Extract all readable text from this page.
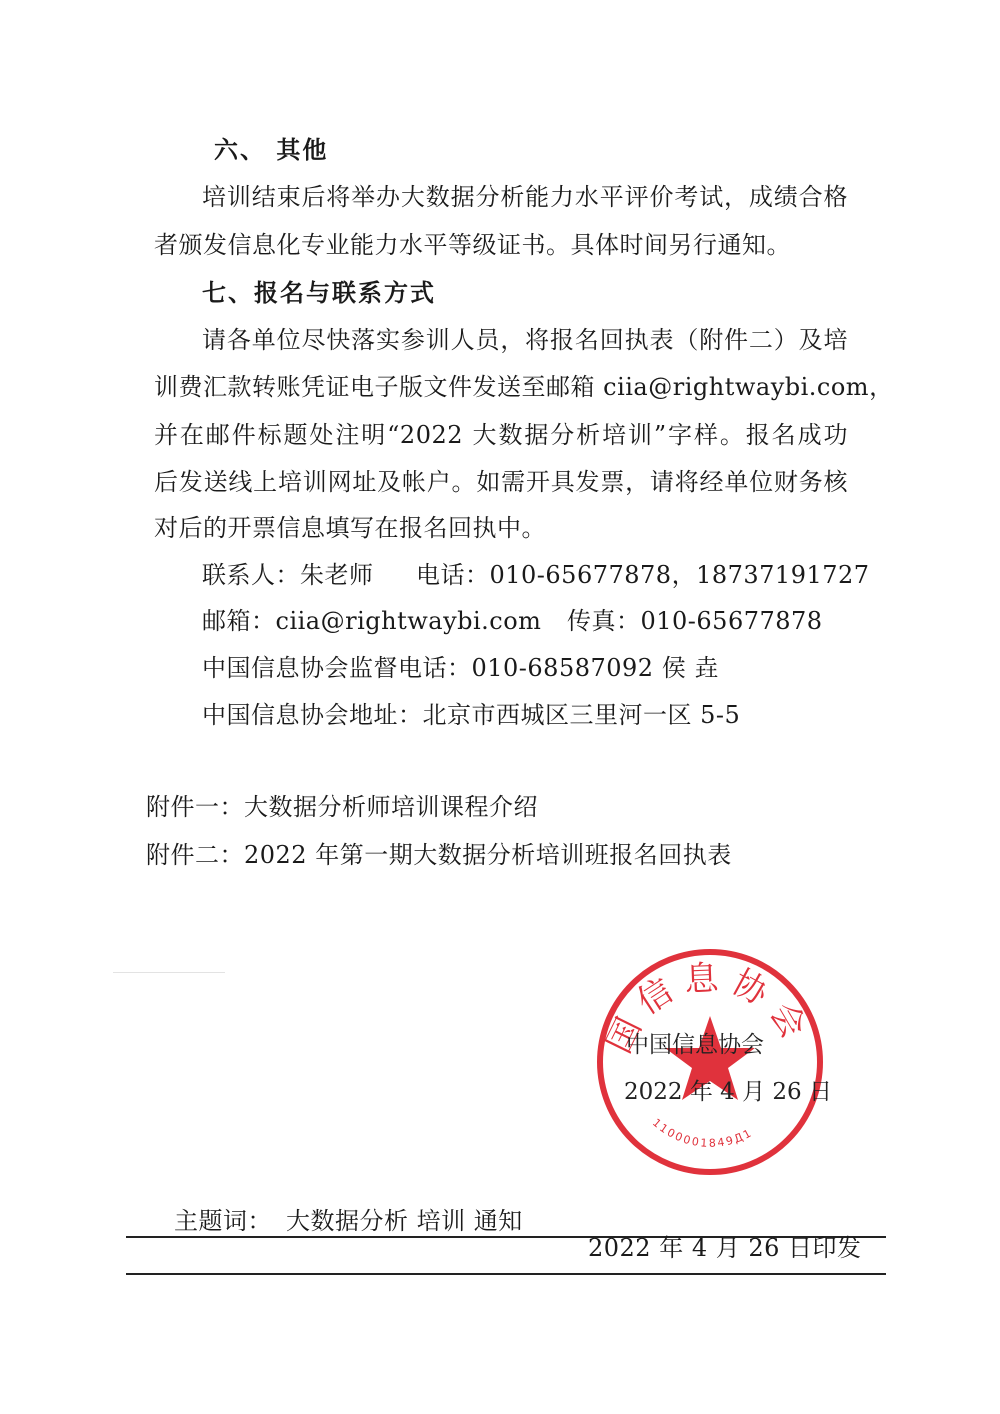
六、 其他
培训结束后将举办大数据分析能力水平评价考试，成绩合格
者颁发信息化专业能力水平等级证书。具体时间另行通知。
七、报名与联系方式
请各单位尽快落实参训人员，将报名回执表（附件二）及培
训费汇款转账凭证电子版文件发送至邮箱 ciia@rightwaybi.com，
并在邮件标题处注明“2022 大数据分析培训”字样。报名成功
后发送线上培训网址及帐户。如需开具发票，请将经单位财务核
对后的开票信息填写在报名回执中。
联系人：朱老师 电话：010-65677878，18737191727
邮箱：ciia@rightwaybi.com 传真：010-65677878
中国信息协会监督电话：010-68587092 侯 垚
中国信息协会地址：北京市西城区三里河一区 5-5
附件一：大数据分析师培训课程介绍
附件二：2022 年第一期大数据分析培训班报名回执表
国信息协会
1100001849Д1
中国信息协会
2022 年 4 月 26 日
主题词： 大数据分析 培训 通知
2022 年 4 月 26 日印发
